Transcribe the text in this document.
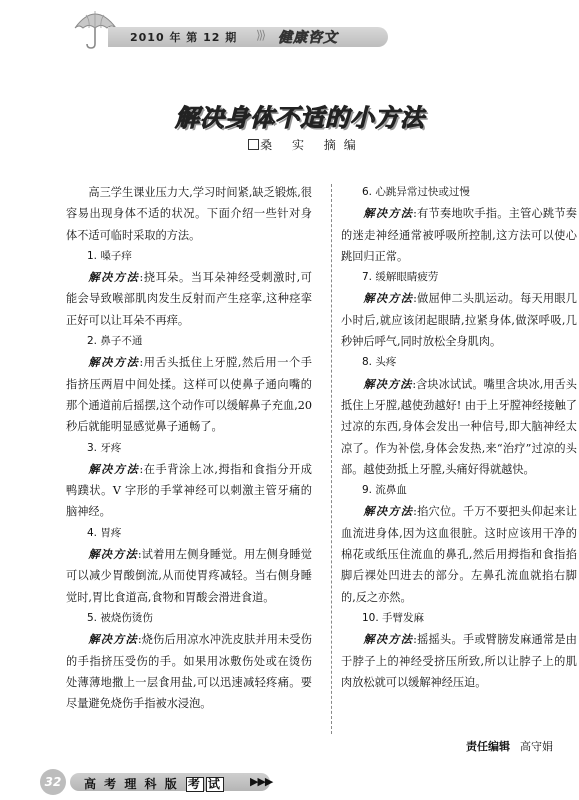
2010 年 第 12 期 ⟩⟩⟩ 健康咨文
解决身体不适的小方法
桑 实 摘编

高三学生课业压力大,学习时间紧,缺乏锻炼,很容易出现身体不适的状况。下面介绍一些针对身体不适可临时采取的方法。

1. 嗓子痒

解决方法:挠耳朵。当耳朵神经受刺激时,可能会导致喉部肌肉发生反射而产生痉挛,这种痉挛正好可以让耳朵不再痒。

2. 鼻子不通

解决方法:用舌头抵住上牙膛,然后用一个手指挤压两眉中间处揉。这样可以使鼻子通向嘴的那个通道前后摇摆,这个动作可以缓解鼻子充血,20 秒后就能明显感觉鼻子通畅了。

3. 牙疼

解决方法:在手背涂上冰,拇指和食指分开成鸭蹼状。V 字形的手掌神经可以刺激主管牙痛的脑神经。

4. 胃疼

解决方法:试着用左侧身睡觉。用左侧身睡觉可以减少胃酸倒流,从而使胃疼减轻。当右侧身睡觉时,胃比食道高,食物和胃酸会滑进食道。

5. 被烧伤烫伤

解决方法:烧伤后用凉水冲洗皮肤并用未受伤的手指挤压受伤的手。如果用冰敷伤处或在烫伤处薄薄地撒上一层食用盐,可以迅速减轻疼痛。要尽量避免烧伤手指被水浸泡。

6. 心跳异常过快或过慢

解决方法:有节奏地吹手指。主管心跳节奏的迷走神经通常被呼吸所控制,这方法可以使心跳回归正常。

7. 缓解眼睛疲劳

解决方法:做屈伸二头肌运动。每天用眼几小时后,就应该闭起眼睛,拉紧身体,做深呼吸,几秒钟后呼气,同时放松全身肌肉。

8. 头疼

解决方法:含块冰试试。嘴里含块冰,用舌头抵住上牙膛,越使劲越好! 由于上牙膛神经接触了过凉的东西,身体会发出一种信号,即大脑神经太凉了。作为补偿,身体会发热,来“治疗”过凉的头部。越使劲抵上牙膛,头痛好得就越快。

9. 流鼻血

解决方法:掐穴位。千万不要把头仰起来让血流进身体,因为这血很脏。这时应该用干净的棉花或纸压住流血的鼻孔,然后用拇指和食指掐脚后裸处凹进去的部分。左鼻孔流血就掐右脚的,反之亦然。

10. 手臂发麻

解决方法:摇摇头。手或臂膀发麻通常是由于脖子上的神经受挤压所致,所以让脖子上的肌肉放松就可以缓解神经压迫。

责任编辑 高守娟
32	高 考 理 科 版 考 试	▶▶▶
